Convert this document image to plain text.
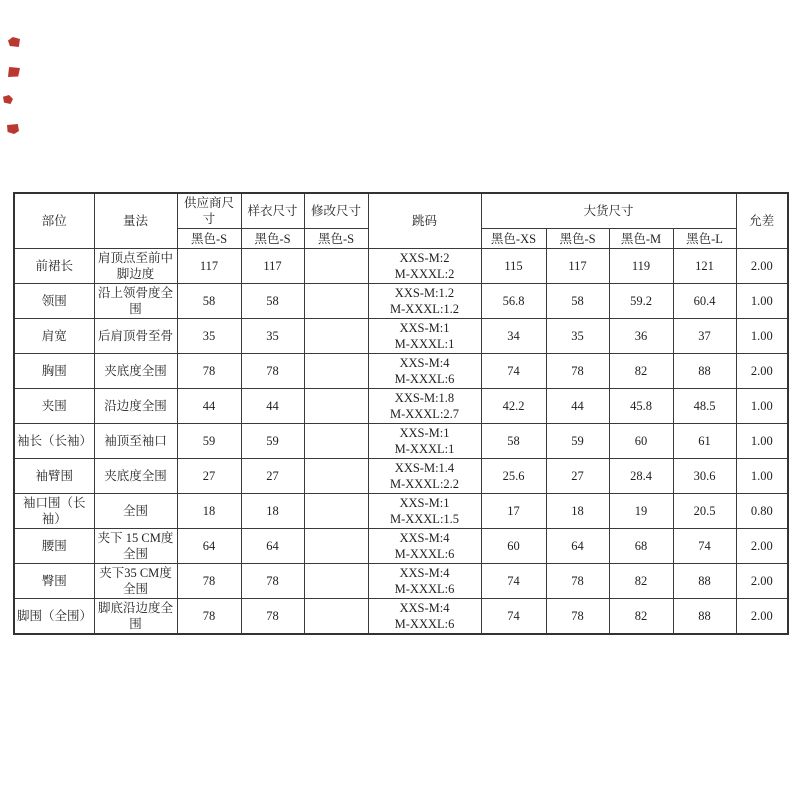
部位	量法	供应商尺寸	样衣尺寸	修改尺寸	跳码	大货尺寸				允差
		黑色-S	黑色-S	黑色-S		黑色-XS	黑色-S	黑色-M	黑色-L	
前裙长	肩顶点至前中脚边度	117	117		XXS-M:2
M-XXXL:2	115	117	119	121	2.00
领围	沿上领骨度全围	58	58		XXS-M:1.2
M-XXXL:1.2	56.8	58	59.2	60.4	1.00
肩宽	后肩顶骨至骨	35	35		XXS-M:1
M-XXXL:1	34	35	36	37	1.00
胸围	夹底度全围	78	78		XXS-M:4
M-XXXL:6	74	78	82	88	2.00
夹围	沿边度全围	44	44		XXS-M:1.8
M-XXXL:2.7	42.2	44	45.8	48.5	1.00
袖长（长袖）	袖顶至袖口	59	59		XXS-M:1
M-XXXL:1	58	59	60	61	1.00
袖臂围	夹底度全围	27	27		XXS-M:1.4
M-XXXL:2.2	25.6	27	28.4	30.6	1.00
袖口围（长袖）	全围	18	18		XXS-M:1
M-XXXL:1.5	17	18	19	20.5	0.80
腰围	夹下 15 CM度全围	64	64		XXS-M:4
M-XXXL:6	60	64	68	74	2.00
臀围	夹下35 CM度全围	78	78		XXS-M:4
M-XXXL:6	74	78	82	88	2.00
脚围（全围）	脚底沿边度全围	78	78		XXS-M:4
M-XXXL:6	74	78	82	88	2.00
